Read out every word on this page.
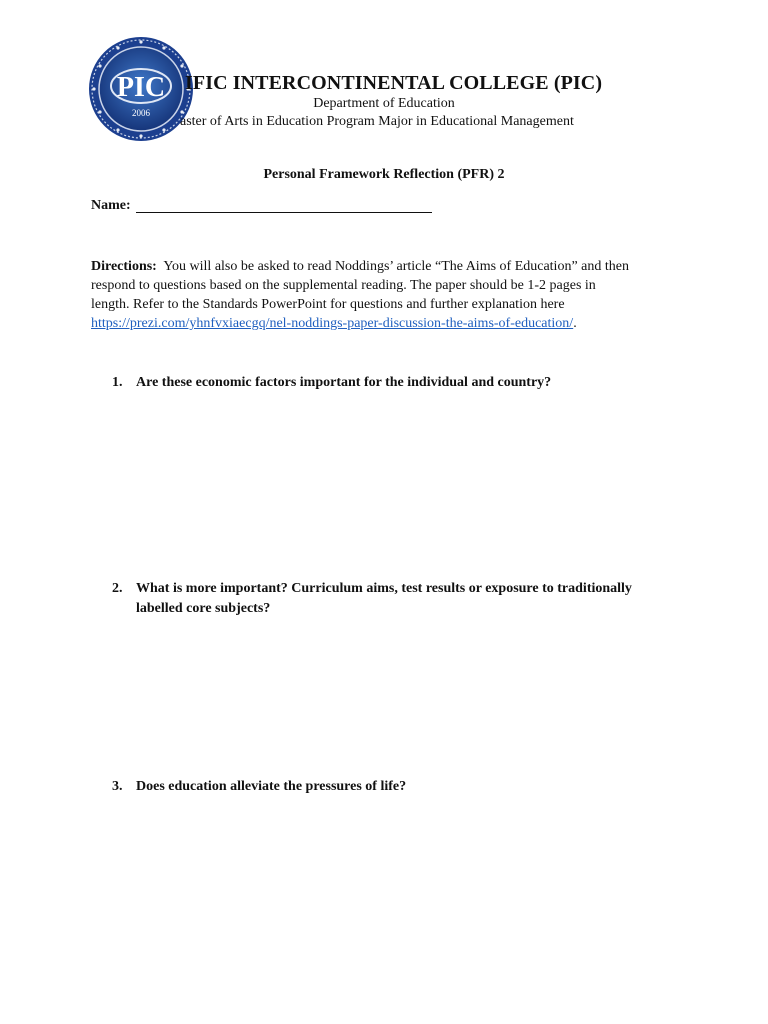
PIC
2006
IFIC INTERCONTINENTAL COLLEGE (PIC)
Department of Education
aster of Arts in Education Program Major in Educational Management
Personal Framework Reflection (PFR) 2
Name:
Directions: You will also be asked to read Noddings’ article “The Aims of Education” and then
respond to questions based on the supplemental reading. The paper should be 1-2 pages in
length. Refer to the Standards PowerPoint for questions and further explanation here
https://prezi.com/yhnfvxiaecgq/nel-noddings-paper-discussion-the-aims-of-education/.
1. Are these economic factors important for the individual and country?
2. What is more important? Curriculum aims, test results or exposure to traditionally
labelled core subjects?
3. Does education alleviate the pressures of life?
